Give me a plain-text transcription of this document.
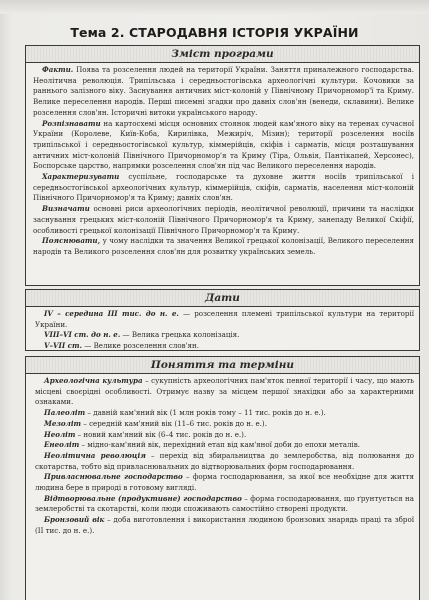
Тема 2. СТАРОДАВНЯ ІСТОРІЯ УКРАЇНИ
Зміст програми

Факти. Поява та розселення людей на території України. Заняття приналежного господарства. Неолітична революція. Трипільська і середньостогівська археологічні культури. Кочовики за раннього залізного віку. Заснування античних міст-колоній у Північному Причорномор'ї та Криму. Велике переселення народів. Перші писемні згадки про давніх слов'ян (венеди, склавини). Велике розселення слов'ян. Історичні витоки українського народу.

Розпізнавати на картосхемі місця основних стоянок людей кам'яного віку на теренах сучасної України (Королеве, Київ-Коба, Кирилівка, Межиріч, Мізин); території розселення носіїв трипільської і середньостогівської культур, кіммерійців, скіфів і сарматів, місця розташування античних міст-колоній Північного Причорномор'я та Криму (Тіра, Ольвія, Пантікапей, Херсонес), Боспорське царство, напрямки розселення слов'ян під час Великого переселення народів.

Характеризувати суспільне, господарське та духовне життя носіїв трипільської і середньостогівської археологічних культур, кіммерійців, скіфів, сарматів, населення міст-колоній Північного Причорномор'я та Криму; давніх слов'ян.

Визначати основні риси археологічних періодів, неолітичної революції, причини та наслідки заснування грецьких міст-колоній Північного Причорномор'я та Криму, занепаду Великої Скіфії, особливості грецької колонізації Північного Причорномор'я та Криму.

Пояснювати, у чому наслідки та значення Великої грецької колонізації, Великого переселення народів та Великого розселення слов'ян для розвитку українських земель.

Дати

IV – середина III тис. до н. е. — розселення племені трипільської культури на території України.

VIII–VI ст. до н. е. — Велика грецька колонізація.

V–VII ст. — Велике розселення слов'ян.

Поняття та терміни

Археологічна культура – сукупність археологічних пам'яток певної території і часу, що мають місцеві своєрідні особливості. Отримує назву за місцем першої знахідки або за характерними ознаками.

Палеоліт – давній кам'яний вік (1 млн років тому – 11 тис. років до н. е.).

Мезоліт – середній кам'яний вік (11–6 тис. років до н. е.).

Неоліт – новий кам'яний вік (6–4 тис. років до н. е.).

Енеоліт – мідно-кам'яний вік, перехідний етап від кам'яної доби до епохи металів.

Неолітична революція – перехід від збиральництва до землеробства, від полювання до скотарства, тобто від привласнювальних до відтворювальних форм господарювання.

Привласнювальне господарство – форма господарювання, за якої все необхідне для життя людина бере в природі в готовому вигляді.

Відтворювальне (продуктивне) господарство – форма господарювання, що ґрунтується на землеробстві та скотарстві, коли люди споживають самостійно створені продукти.

Бронзовий вік – доба виготовлення і використання людиною бронзових знарядь праці та зброї (ІІ тис. до н. е.).
